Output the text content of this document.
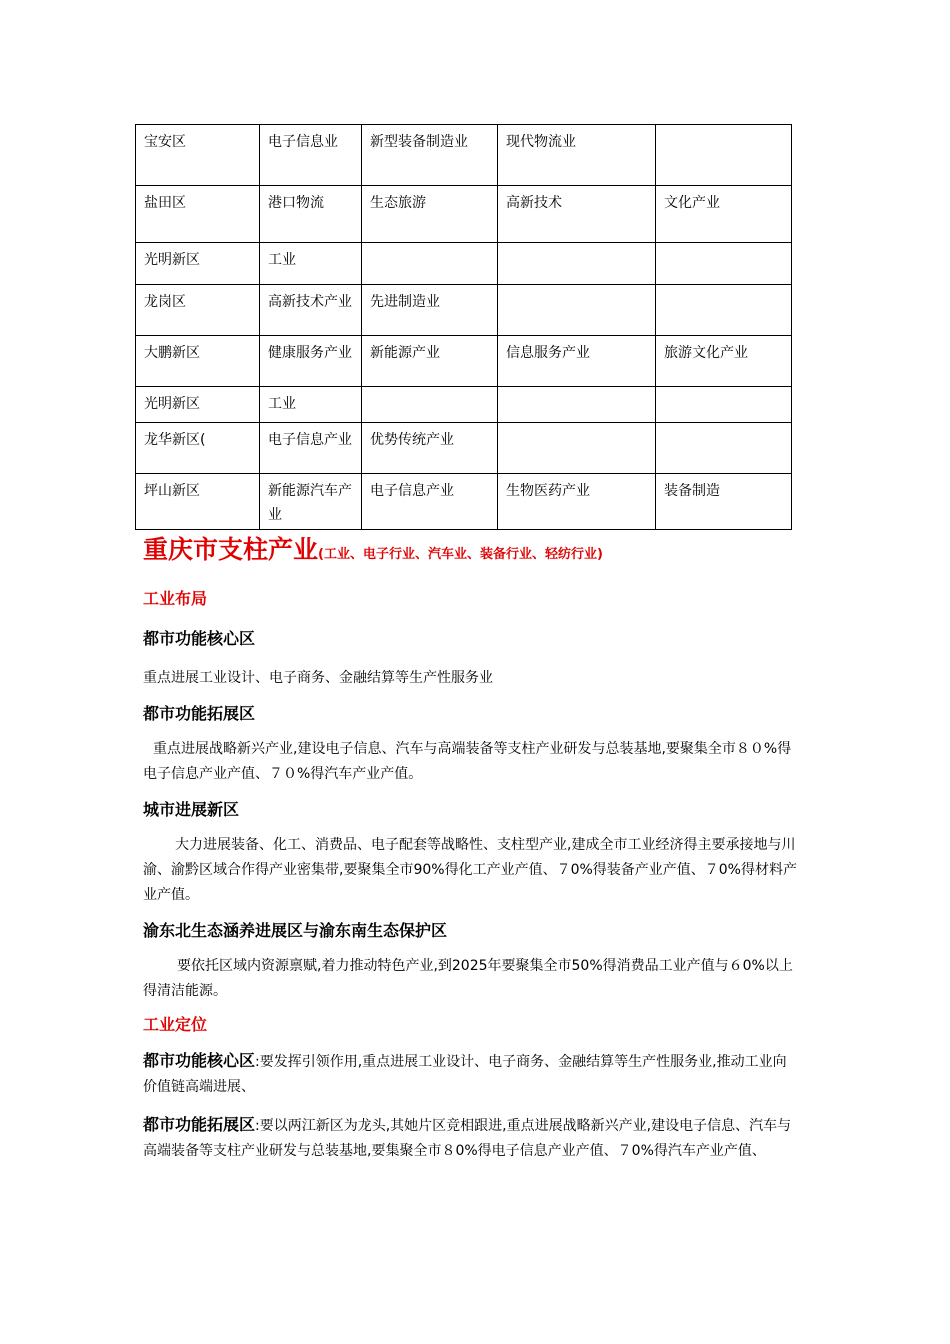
宝安区	电子信息业	新型装备制造业	现代物流业	
盐田区	港口物流	生态旅游	高新技术	文化产业
光明新区	工业			
龙岗区	高新技术产业	先进制造业		
大鹏新区	健康服务产业	新能源产业	信息服务产业	旅游文化产业
光明新区	工业			
龙华新区(	电子信息产业	优势传统产业		
坪山新区	新能源汽车产业	电子信息产业	生物医药产业	装备制造
重庆市支柱产业(工业、电子行业、汽车业、装备行业、轻纺行业)
工业布局
都市功能核心区
重点进展工业设计、电子商务、金融结算等生产性服务业
都市功能拓展区
重点进展战略新兴产业,建设电子信息、汽车与高端装备等支柱产业研发与总装基地,要聚集全市８０%得电子信息产业产值、７０%得汽车产业产值。
城市进展新区
大力进展装备、化工、消费品、电子配套等战略性、支柱型产业,建成全市工业经济得主要承接地与川渝、渝黔区域合作得产业密集带,要聚集全市90%得化工产业产值、７0%得装备产业产值、７0%得材料产业产值。
渝东北生态涵养进展区与渝东南生态保护区
要依托区域内资源禀赋,着力推动特色产业,到2025年要聚集全市50%得消费品工业产值与６0%以上得清洁能源。
工业定位
都市功能核心区:要发挥引领作用,重点进展工业设计、电子商务、金融结算等生产性服务业,推动工业向价值链高端进展、
都市功能拓展区:要以两江新区为龙头,其她片区竞相跟进,重点进展战略新兴产业,建设电子信息、汽车与高端装备等支柱产业研发与总装基地,要集聚全市８0%得电子信息产业产值、７0%得汽车产业产值、
